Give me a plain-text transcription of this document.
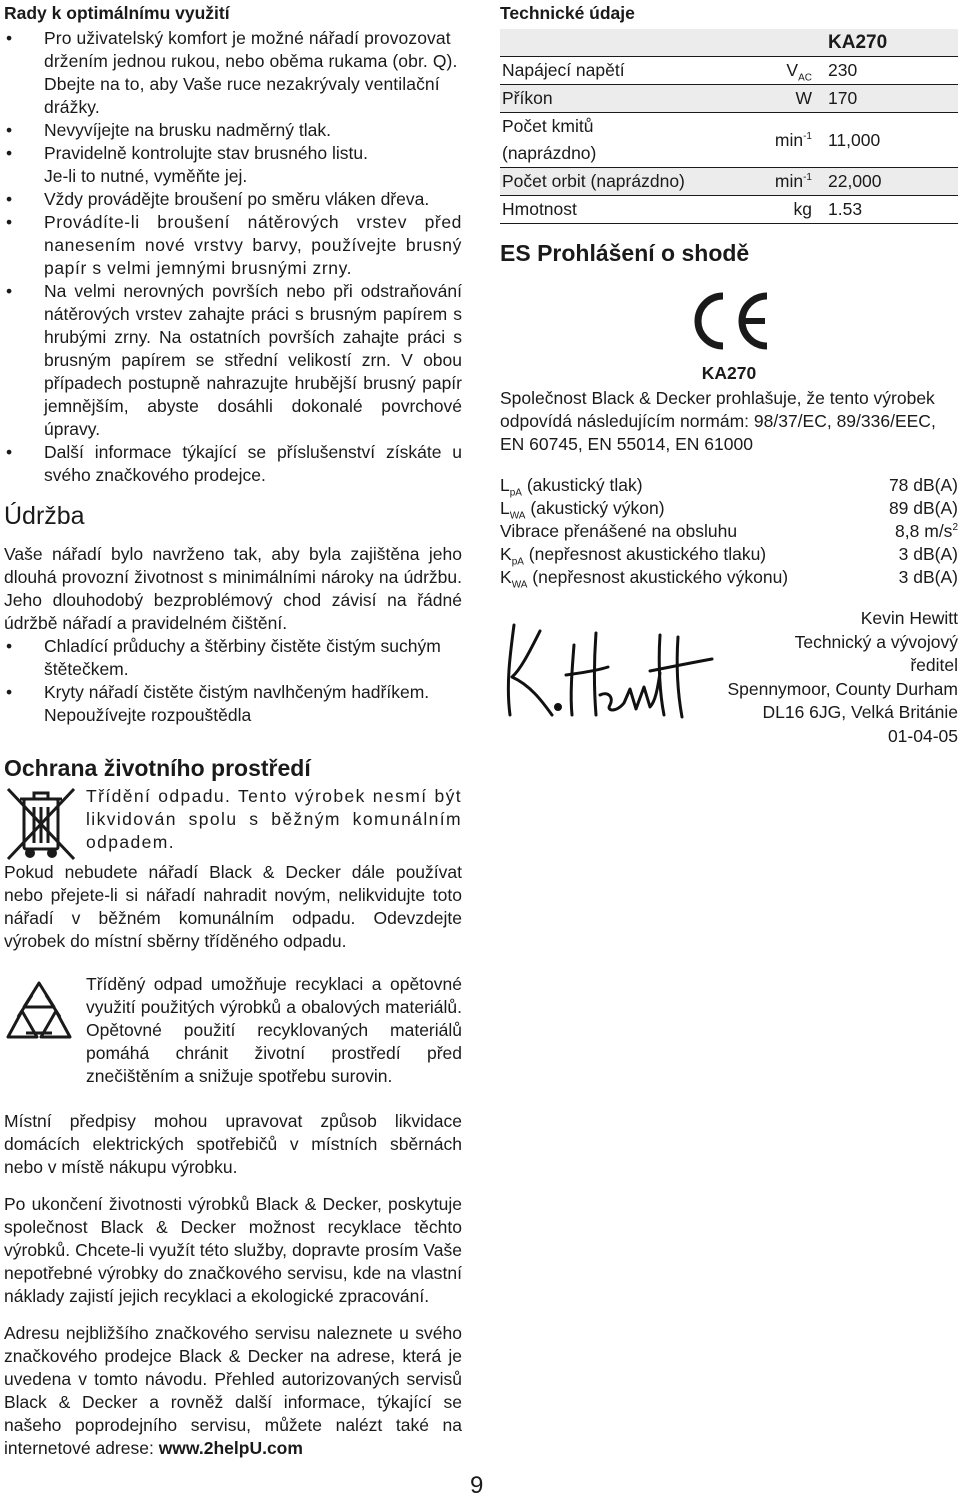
Rady k optimálnímu využití
• Pro uživatelský komfort je možné nářadí provozovat držením jednou rukou, nebo oběma rukama (obr. Q). Dbejte na to, aby Vaše ruce nezakrývaly ventilační drážky.
• Nevyvíjejte na brusku nadměrný tlak.
• Pravidelně kontrolujte stav brusného listu. Je-li to nutné, vyměňte jej.
• Vždy provádějte broušení po směru vláken dřeva.
• Provádíte-li broušení nátěrových vrstev před nanesením nové vrstvy barvy, používejte brusný papír s velmi jemnými brusnými zrny.
• Na velmi nerovných površích nebo při odstraňování nátěrových vrstev zahajte práci s brusným papírem s hrubými zrny. Na ostatních površích zahajte práci s brusným papírem se střední velikostí zrn. V obou případech postupně nahrazujte hrubější brusný papír jemnějším, abyste dosáhli dokonalé povrchové úpravy.
• Další informace týkající se příslušenství získáte u svého značkového prodejce.
Údržba

Vaše nářadí bylo navrženo tak, aby byla zajištěna jeho dlouhá provozní životnost s minimálními nároky na údržbu. Jeho dlouhodobý bezproblémový chod závisí na řádné údržbě nářadí a pravidelném čištění.

• Chladící průduchy a štěrbiny čistěte čistým suchým štětečkem.
• Kryty nářadí čistěte čistým navlhčeným hadříkem. Nepoužívejte rozpouštědla
Ochrana životního prostředí

Třídění odpadu. Tento výrobek nesmí být likvidován spolu s běžným komunálním odpadem.

Pokud nebudete nářadí Black & Decker dále používat nebo přejete-li si nářadí nahradit novým, nelikvidujte toto nářadí v běžném komunálním odpadu. Odevzdejte výrobek do místní sběrny tříděného odpadu.

Tříděný odpad umožňuje recyklaci a opětovné využití použitých výrobků a obalových materiálů. Opětovné použití recyklovaných materiálů pomáhá chránit životní prostředí před znečištěním a snižuje spotřebu surovin.

Místní předpisy mohou upravovat způsob likvidace domácích elektrických spotřebičů v místních sběrnách nebo v místě nákupu výrobku.

Po ukončení životnosti výrobků Black & Decker, poskytuje společnost Black & Decker možnost recyklace těchto výrobků. Chcete-li využít této služby, dopravte prosím Vaše nepotřebné výrobky do značkového servisu, kde na vlastní náklady zajistí jejich recyklaci a ekologické zpracování.

Adresu nejbližšího značkového servisu naleznete u svého značkového prodejce Black & Decker na adrese, která je uvedena v tomto návodu. Přehled autorizovaných servisů Black & Decker a rovněž další informace, týkající se našeho poprodejního servisu, můžete nalézt také na internetové adrese: www.2helpU.com

Technické údaje
		KA270
Napájecí napětí	$V_{AC}$	230
Příkon	W	170
Počet kmitů (naprázdno)	$\min^{-1}$	11,000
Počet orbit (naprázdno)	$\min^{-1}$	22,000
Hmotnost	kg	1.53
ES Prohlášení o shodě
KA270

Společnost Black & Decker prohlašuje, že tento výrobek odpovídá následujícím normám: 98/37/EC, 89/336/EEC, EN 60745, EN 55014, EN 61000

$L_{pA}$ (akustický tlak)	78 dB(A)
$L_{WA}$ (akustický výkon)	89 dB(A)
Vibrace přenášené na obsluhu	8,8 $m/s^2$
$K_{pA}$ (nepřesnost akustického tlaku)	3 dB(A)
$K_{WA}$ (nepřesnost akustického výkonu)	3 dB(A)
Kevin Hewitt
Technický a vývojový
ředitel
Spennymoor, County Durham
DL16 6JG, Velká Británie
01-04-05
9
